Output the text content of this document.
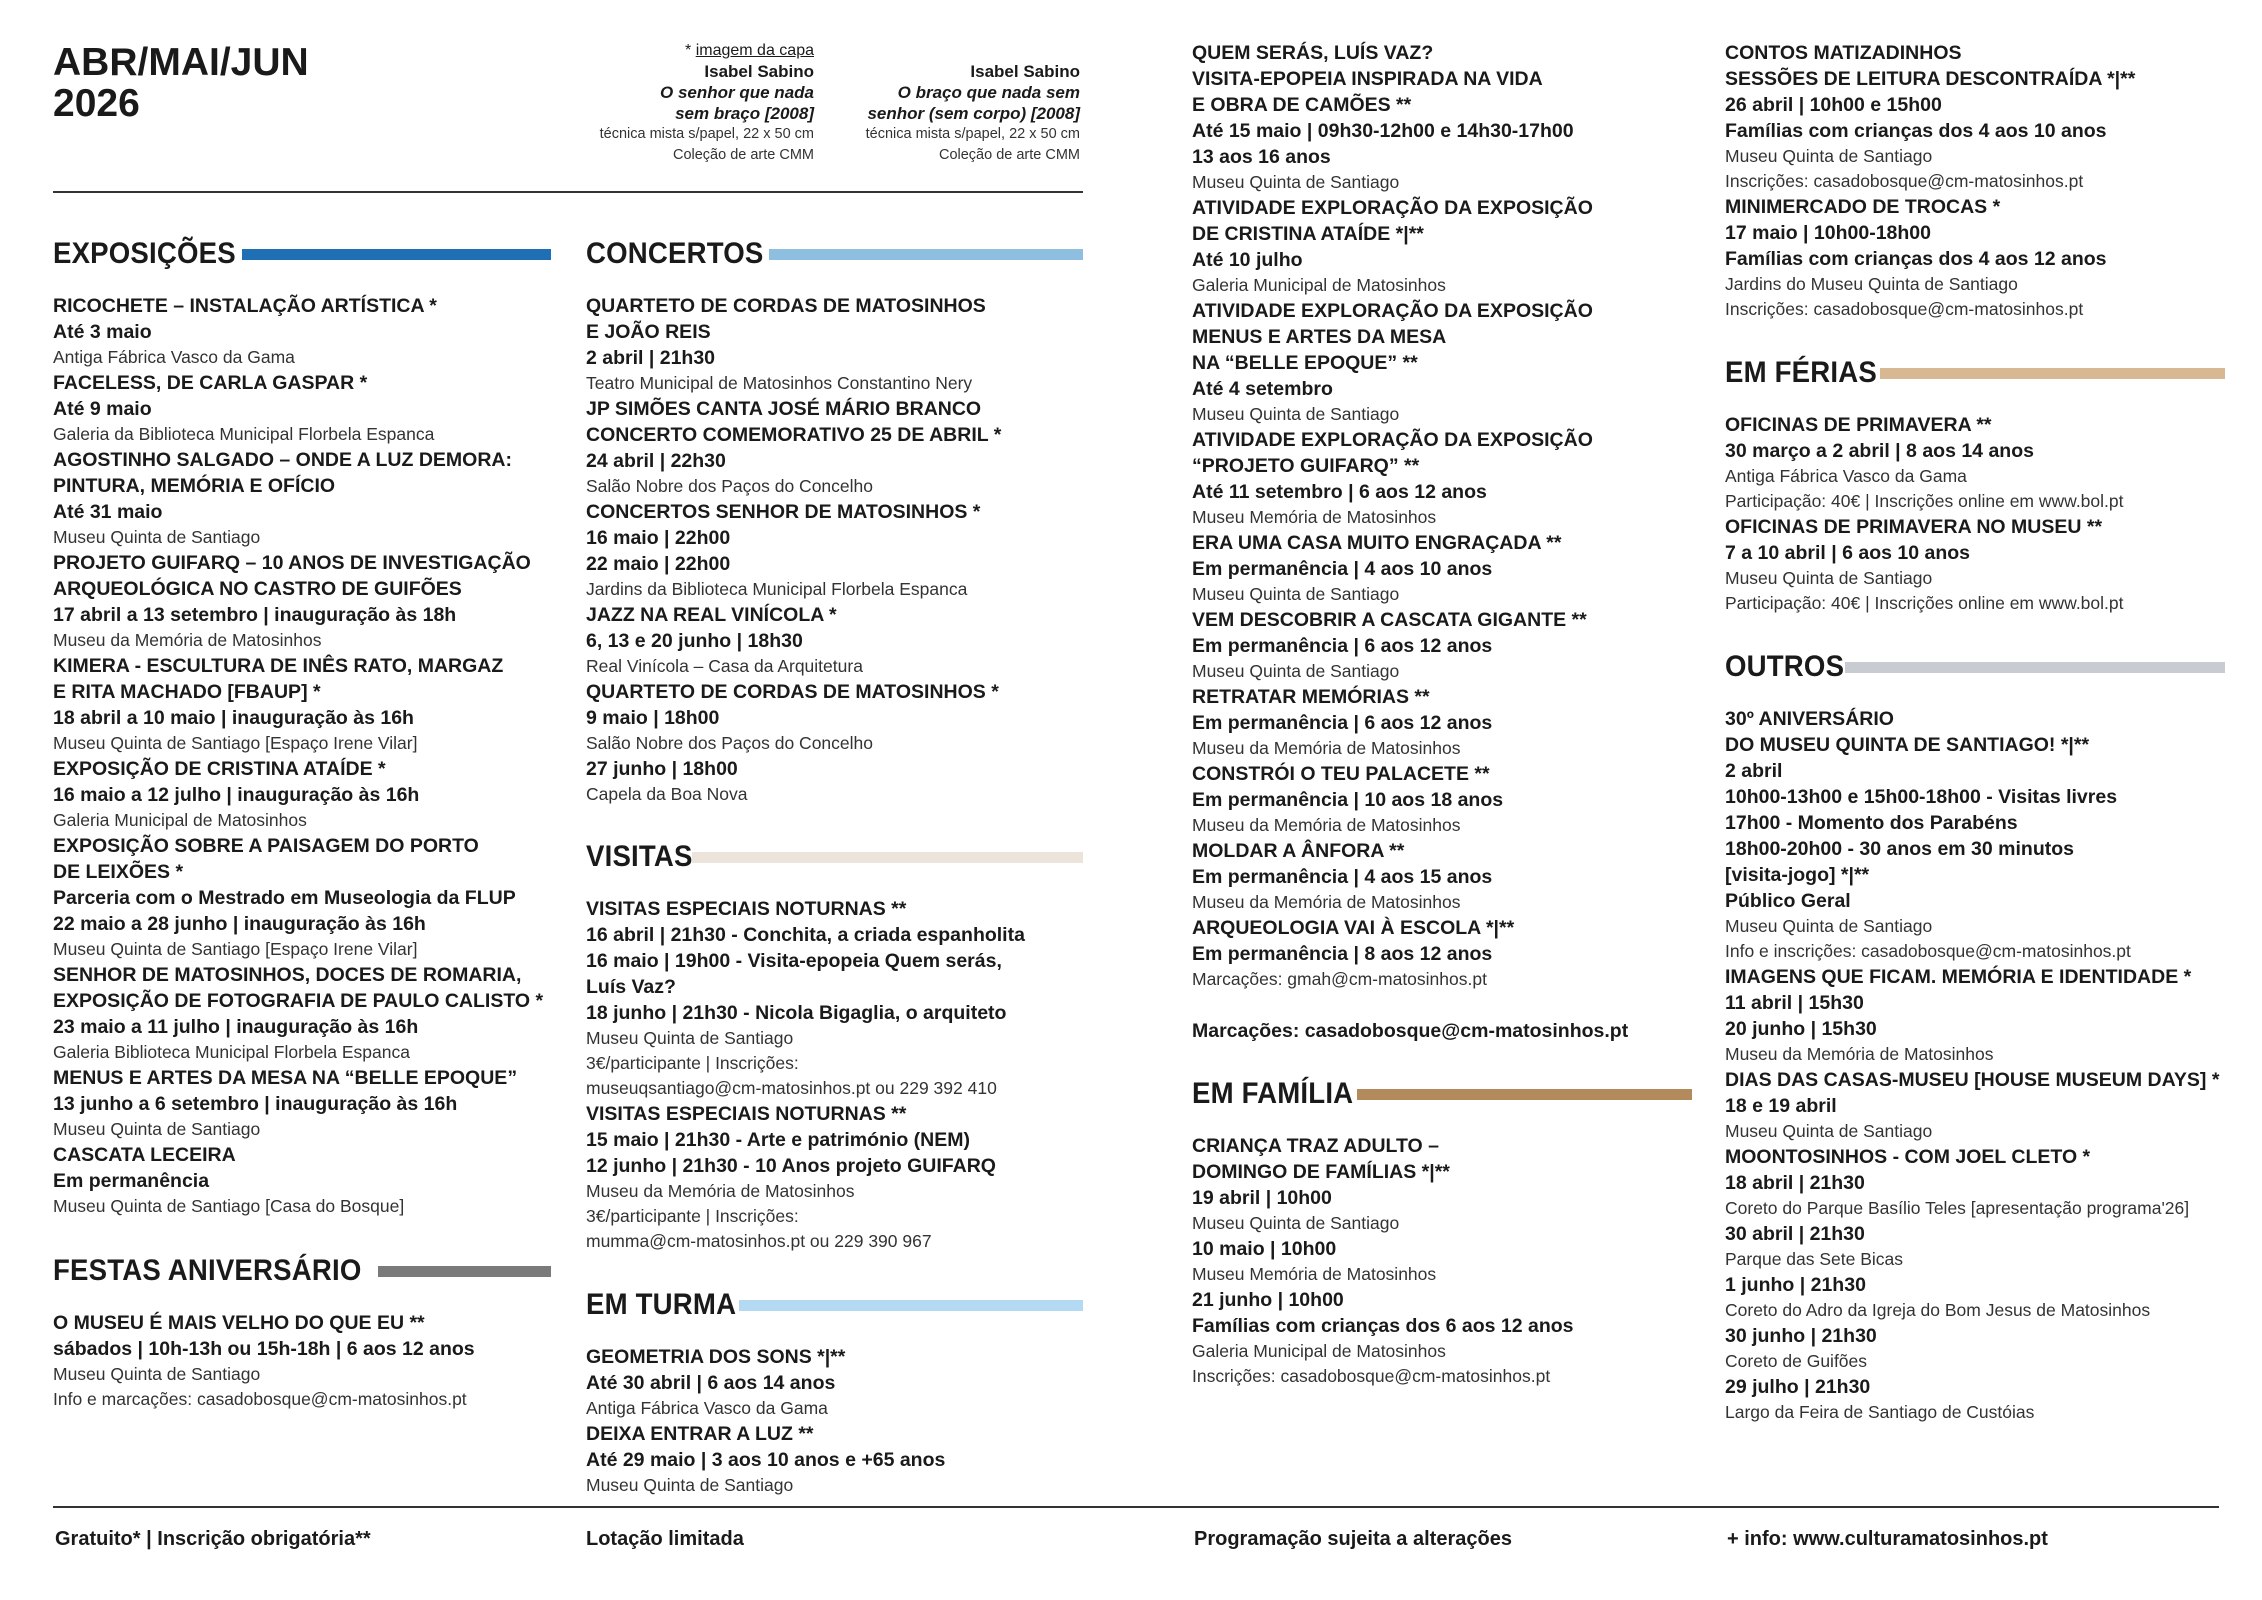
ABR/MAI/JUN
2026
* imagem da capa
Isabel Sabino
O senhor que nada
sem braço [2008]
técnica mista s/papel, 22 x 50 cm
Coleção de arte CMM
Isabel Sabino
O braço que nada sem
senhor (sem corpo) [2008]
técnica mista s/papel, 22 x 50 cm
Coleção de arte CMM
EXPOSIÇÕES
RICOCHETE – INSTALAÇÃO ARTÍSTICA *
Até 3 maio
Antiga Fábrica Vasco da Gama
FACELESS, DE CARLA GASPAR *
Até 9 maio
Galeria da Biblioteca Municipal Florbela Espanca
AGOSTINHO SALGADO – ONDE A LUZ DEMORA:
PINTURA, MEMÓRIA E OFÍCIO
Até 31 maio
Museu Quinta de Santiago
PROJETO GUIFARQ – 10 ANOS DE INVESTIGAÇÃO
ARQUEOLÓGICA NO CASTRO DE GUIFÕES
17 abril a 13 setembro | inauguração às 18h
Museu da Memória de Matosinhos
KIMERA - ESCULTURA DE INÊS RATO, MARGAZ
E RITA MACHADO [FBAUP] *
18 abril a 10 maio | inauguração às 16h
Museu Quinta de Santiago [Espaço Irene Vilar]
EXPOSIÇÃO DE CRISTINA ATAÍDE *
16 maio a 12 julho | inauguração às 16h
Galeria Municipal de Matosinhos
EXPOSIÇÃO SOBRE A PAISAGEM DO PORTO
DE LEIXÕES *
Parceria com o Mestrado em Museologia da FLUP
22 maio a 28 junho | inauguração às 16h
Museu Quinta de Santiago [Espaço Irene Vilar]
SENHOR DE MATOSINHOS, DOCES DE ROMARIA,
EXPOSIÇÃO DE FOTOGRAFIA DE PAULO CALISTO *
23 maio a 11 julho | inauguração às 16h
Galeria Biblioteca Municipal Florbela Espanca
MENUS E ARTES DA MESA NA “BELLE EPOQUE”
13 junho a 6 setembro | inauguração às 16h
Museu Quinta de Santiago
CASCATA LECEIRA
Em permanência
Museu Quinta de Santiago [Casa do Bosque]
FESTAS ANIVERSÁRIO
O MUSEU É MAIS VELHO DO QUE EU **
sábados | 10h-13h ou 15h-18h | 6 aos 12 anos
Museu Quinta de Santiago
Info e marcações: casadobosque@cm-matosinhos.pt
CONCERTOS
QUARTETO DE CORDAS DE MATOSINHOS
E JOÃO REIS
2 abril | 21h30
Teatro Municipal de Matosinhos Constantino Nery
JP SIMÕES CANTA JOSÉ MÁRIO BRANCO
CONCERTO COMEMORATIVO 25 DE ABRIL *
24 abril | 22h30
Salão Nobre dos Paços do Concelho
CONCERTOS SENHOR DE MATOSINHOS *
16 maio | 22h00
22 maio | 22h00
Jardins da Biblioteca Municipal Florbela Espanca
JAZZ NA REAL VINÍCOLA *
6, 13 e 20 junho | 18h30
Real Vinícola – Casa da Arquitetura
QUARTETO DE CORDAS DE MATOSINHOS *
9 maio | 18h00
Salão Nobre dos Paços do Concelho
27 junho | 18h00
Capela da Boa Nova
VISITAS
VISITAS ESPECIAIS NOTURNAS **
16 abril | 21h30 - Conchita, a criada espanholita
16 maio | 19h00 - Visita-epopeia Quem serás,
Luís Vaz?
18 junho | 21h30 - Nicola Bigaglia, o arquiteto
Museu Quinta de Santiago
3€/participante | Inscrições:
museuqsantiago@cm-matosinhos.pt ou 229 392 410
VISITAS ESPECIAIS NOTURNAS **
15 maio | 21h30 - Arte e património (NEM)
12 junho | 21h30 - 10 Anos projeto GUIFARQ
Museu da Memória de Matosinhos
3€/participante | Inscrições:
mumma@cm-matosinhos.pt ou 229 390 967
EM TURMA
GEOMETRIA DOS SONS *|**
Até 30 abril | 6 aos 14 anos
Antiga Fábrica Vasco da Gama
DEIXA ENTRAR A LUZ **
Até 29 maio | 3 aos 10 anos e +65 anos
Museu Quinta de Santiago
QUEM SERÁS, LUÍS VAZ?
VISITA-EPOPEIA INSPIRADA NA VIDA
E OBRA DE CAMÕES **
Até 15 maio | 09h30-12h00 e 14h30-17h00
13 aos 16 anos
Museu Quinta de Santiago
ATIVIDADE EXPLORAÇÃO DA EXPOSIÇÃO
DE CRISTINA ATAÍDE *|**
Até 10 julho
Galeria Municipal de Matosinhos
ATIVIDADE EXPLORAÇÃO DA EXPOSIÇÃO
MENUS E ARTES DA MESA
NA “BELLE EPOQUE” **
Até 4 setembro
Museu Quinta de Santiago
ATIVIDADE EXPLORAÇÃO DA EXPOSIÇÃO
“PROJETO GUIFARQ” **
Até 11 setembro | 6 aos 12 anos
Museu Memória de Matosinhos
ERA UMA CASA MUITO ENGRAÇADA **
Em permanência | 4 aos 10 anos
Museu Quinta de Santiago
VEM DESCOBRIR A CASCATA GIGANTE **
Em permanência | 6 aos 12 anos
Museu Quinta de Santiago
RETRATAR MEMÓRIAS **
Em permanência | 6 aos 12 anos
Museu da Memória de Matosinhos
CONSTRÓI O TEU PALACETE **
Em permanência | 10 aos 18 anos
Museu da Memória de Matosinhos
MOLDAR A ÂNFORA **
Em permanência | 4 aos 15 anos
Museu da Memória de Matosinhos
ARQUEOLOGIA VAI À ESCOLA *|**
Em permanência | 8 aos 12 anos
Marcações: gmah@cm-matosinhos.pt
Marcações: casadobosque@cm-matosinhos.pt
EM FAMÍLIA
CRIANÇA TRAZ ADULTO –
DOMINGO DE FAMÍLIAS *|**
19 abril | 10h00
Museu Quinta de Santiago
10 maio | 10h00
Museu Memória de Matosinhos
21 junho | 10h00
Famílias com crianças dos 6 aos 12 anos
Galeria Municipal de Matosinhos
Inscrições: casadobosque@cm-matosinhos.pt
CONTOS MATIZADINHOS
SESSÕES DE LEITURA DESCONTRAÍDA *|**
26 abril | 10h00 e 15h00
Famílias com crianças dos 4 aos 10 anos
Museu Quinta de Santiago
Inscrições: casadobosque@cm-matosinhos.pt
MINIMERCADO DE TROCAS *
17 maio | 10h00-18h00
Famílias com crianças dos 4 aos 12 anos
Jardins do Museu Quinta de Santiago
Inscrições: casadobosque@cm-matosinhos.pt
EM FÉRIAS
OFICINAS DE PRIMAVERA **
30 março a 2 abril | 8 aos 14 anos
Antiga Fábrica Vasco da Gama
Participação: 40€ | Inscrições online em www.bol.pt
OFICINAS DE PRIMAVERA NO MUSEU **
7 a 10 abril | 6 aos 10 anos
Museu Quinta de Santiago
Participação: 40€ | Inscrições online em www.bol.pt
OUTROS
30º ANIVERSÁRIO
DO MUSEU QUINTA DE SANTIAGO! *|**
2 abril
10h00-13h00 e 15h00-18h00 - Visitas livres
17h00 - Momento dos Parabéns
18h00-20h00 - 30 anos em 30 minutos
[visita-jogo] *|**
Público Geral
Museu Quinta de Santiago
Info e inscrições: casadobosque@cm-matosinhos.pt
IMAGENS QUE FICAM. MEMÓRIA E IDENTIDADE *
11 abril | 15h30
20 junho | 15h30
Museu da Memória de Matosinhos
DIAS DAS CASAS-MUSEU [HOUSE MUSEUM DAYS] *
18 e 19 abril
Museu Quinta de Santiago
MOONTOSINHOS - COM JOEL CLETO *
18 abril | 21h30
Coreto do Parque Basílio Teles [apresentação programa'26]
30 abril | 21h30
Parque das Sete Bicas
1 junho | 21h30
Coreto do Adro da Igreja do Bom Jesus de Matosinhos
30 junho | 21h30
Coreto de Guifões
29 julho | 21h30
Largo da Feira de Santiago de Custóias
Gratuito* | Inscrição obrigatória**	Lotação limitada	Programação sujeita a alterações	+ info: www.culturamatosinhos.pt
